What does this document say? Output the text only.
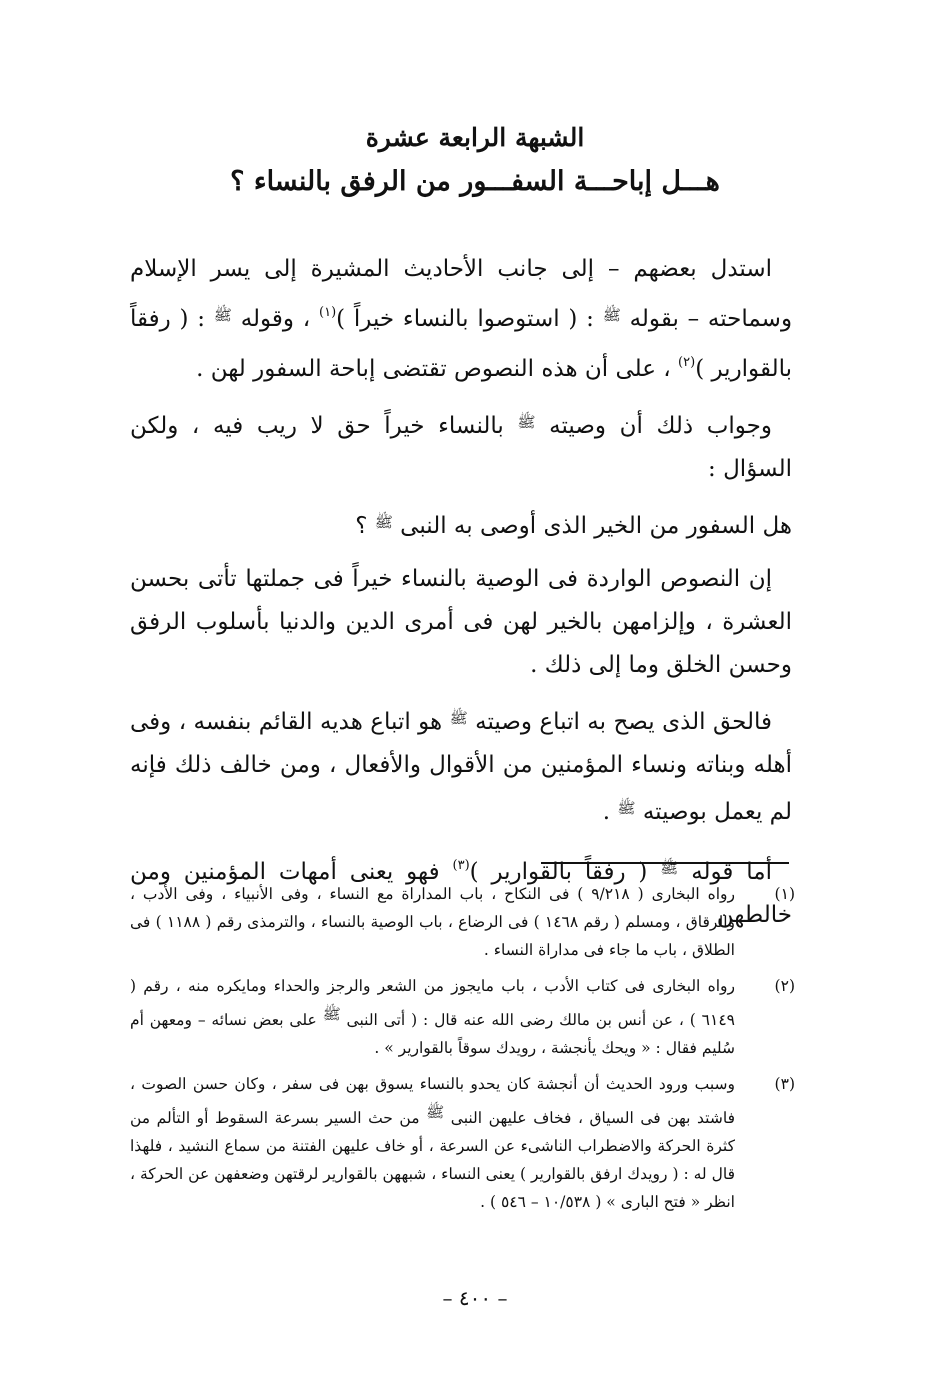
الشبهة الرابعة عشرة
هـــل إباحـــة السفـــور من الرفق بالنساء ؟

استدل بعضهم – إلى جانب الأحاديث المشيرة إلى يسر الإسلام وسماحته – بقوله $^ﷺ$ : ( استوصوا بالنساء خيراً )$^{(١)}$ ، وقوله $^ﷺ$ : ( رفقاً بالقوارير )$^{(٢)}$ ، على أن هذه النصوص تقتضى إباحة السفور لهن .

وجواب ذلك أن وصيته $^ﷺ$ بالنساء خيراً حق لا ريب فيه ، ولكن السؤال :

هل السفور من الخير الذى أوصى به النبى $^ﷺ$ ؟

إن النصوص الواردة فى الوصية بالنساء خيراً فى جملتها تأتى بحسن العشرة ، وإلزامهن بالخير لهن فى أمرى الدين والدنيا بأسلوب الرفق وحسن الخلق وما إلى ذلك .

فالحق الذى يصح به اتباع وصيته $^ﷺ$ هو اتباع هديه القائم بنفسه ، وفى أهله وبناته ونساء المؤمنين من الأقوال والأفعال ، ومن خالف ذلك فإنه لم يعمل بوصيته $^ﷺ$ .

أما قوله $^ﷺ$ ( رفقاً بالقوارير )$^{(٣)}$ فهو يعنى أمهات المؤمنين ومن خالطهن

(١)
رواه البخارى ( ٩/٢١٨ ) فى النكاح ، باب المداراة مع النساء ، وفى الأنبياء ، وفى الأدب ، والرقاق ، ومسلم ( رقم ١٤٦٨ ) فى الرضاع ، باب الوصية بالنساء ، والترمذى رقم ( ١١٨٨ ) فى الطلاق ، باب ما جاء فى مداراة النساء .
(٢)
رواه البخارى فى كتاب الأدب ، باب مايجوز من الشعر والرجز والحداء ومايكره منه ، رقم ( ٦١٤٩ ) ، عن أنس بن مالك رضى الله عنه قال : ( أتى النبى ﷺ على بعض نسائه – ومعهن أم سُليم فقال : « ويحك يأنجشة ، رويدك سوقاً بالقوارير » .
(٣)
وسبب ورود الحديث أن أنجشة كان يحدو بالنساء يسوق بهن فى سفر ، وكان حسن الصوت ، فاشتد بهن فى السياق ، فخاف عليهن النبى ﷺ من حث السير بسرعة السقوط أو التألم من كثرة الحركة والاضطراب الناشىء عن السرعة ، أو خاف عليهن الفتنة من سماع النشيد ، فلهذا قال له : ( رويدك ارفق بالقوارير ) يعنى النساء ، شبههن بالقوارير لرقتهن وضعفهن عن الحركة ، انظر « فتح البارى » ( ١٠/٥٣٨ – ٥٤٦ ) .
– ٤٠٠ –
